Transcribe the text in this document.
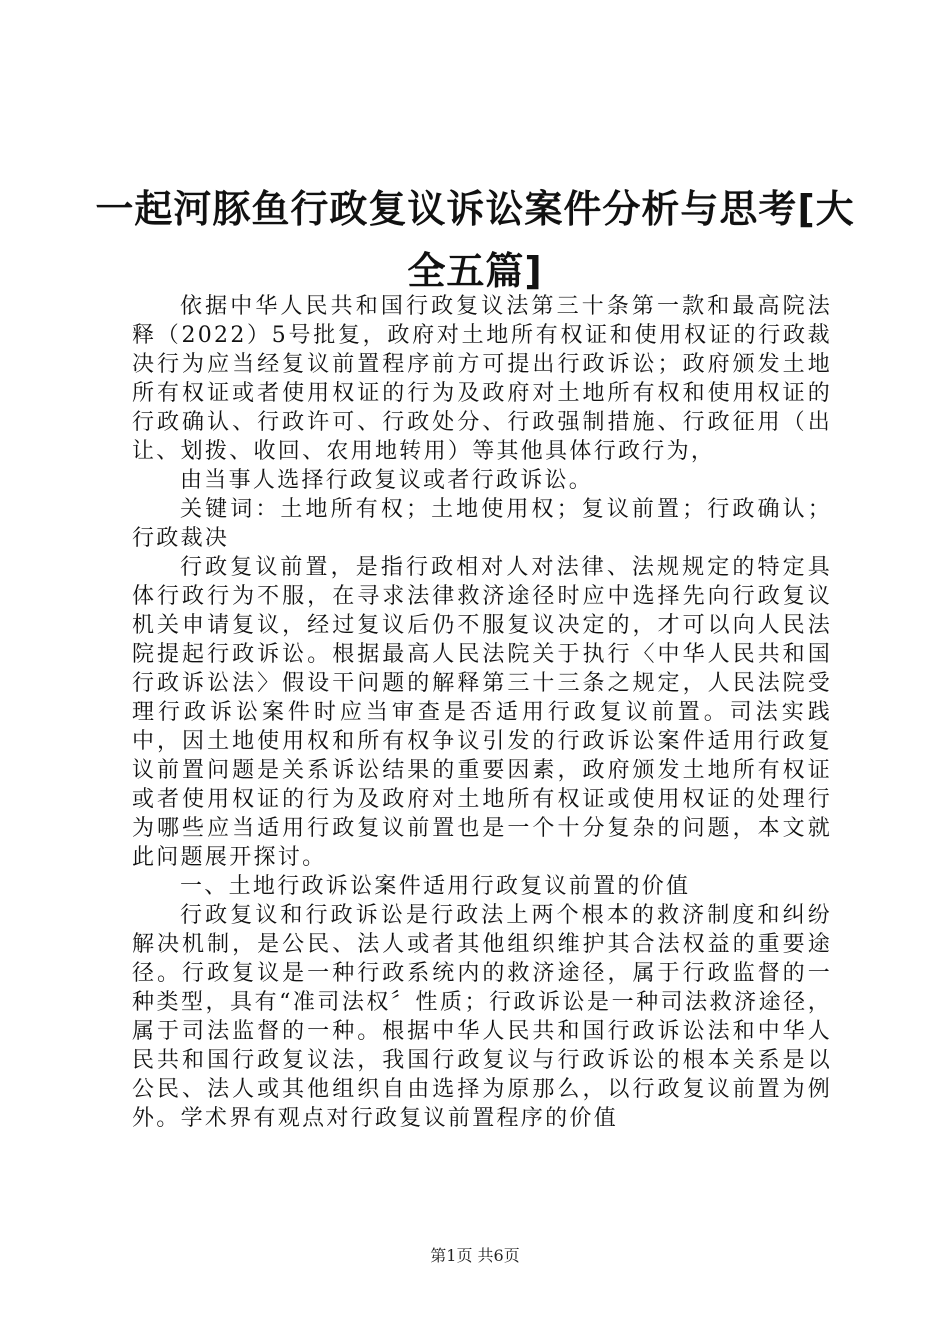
一起河豚鱼行政复议诉讼案件分析与思考[大
全五篇]

依据中华人民共和国行政复议法第三十条第一款和最高院法释（2022）5号批复，政府对土地所有权证和使用权证的行政裁决行为应当经复议前置程序前方可提出行政诉讼；政府颁发土地所有权证或者使用权证的行为及政府对土地所有权和使用权证的行政确认、行政许可、行政处分、行政强制措施、行政征用（出让、划拨、收回、农用地转用）等其他具体行政行为，

由当事人选择行政复议或者行政诉讼。

关键词：土地所有权；土地使用权；复议前置；行政确认；行政裁决

行政复议前置，是指行政相对人对法律、法规规定的特定具体行政行为不服，在寻求法律救济途径时应中选择先向行政复议机关申请复议，经过复议后仍不服复议决定的，才可以向人民法院提起行政诉讼。根据最高人民法院关于执行〈中华人民共和国行政诉讼法〉假设干问题的解释第三十三条之规定，人民法院受理行政诉讼案件时应当审查是否适用行政复议前置。司法实践中，因土地使用权和所有权争议引发的行政诉讼案件适用行政复议前置问题是关系诉讼结果的重要因素，政府颁发土地所有权证或者使用权证的行为及政府对土地所有权证或使用权证的处理行为哪些应当适用行政复议前置也是一个十分复杂的问题，本文就此问题展开探讨。

一、土地行政诉讼案件适用行政复议前置的价值

行政复议和行政诉讼是行政法上两个根本的救济制度和纠纷解决机制，是公民、法人或者其他组织维护其合法权益的重要途径。行政复议是一种行政系统内的救济途径，属于行政监督的一种类型，具有“准司法权〞性质；行政诉讼是一种司法救济途径，属于司法监督的一种。根据中华人民共和国行政诉讼法和中华人民共和国行政复议法，我国行政复议与行政诉讼的根本关系是以公民、法人或其他组织自由选择为原那么，以行政复议前置为例外。学术界有观点对行政复议前置程序的价值

第1页 共6页
